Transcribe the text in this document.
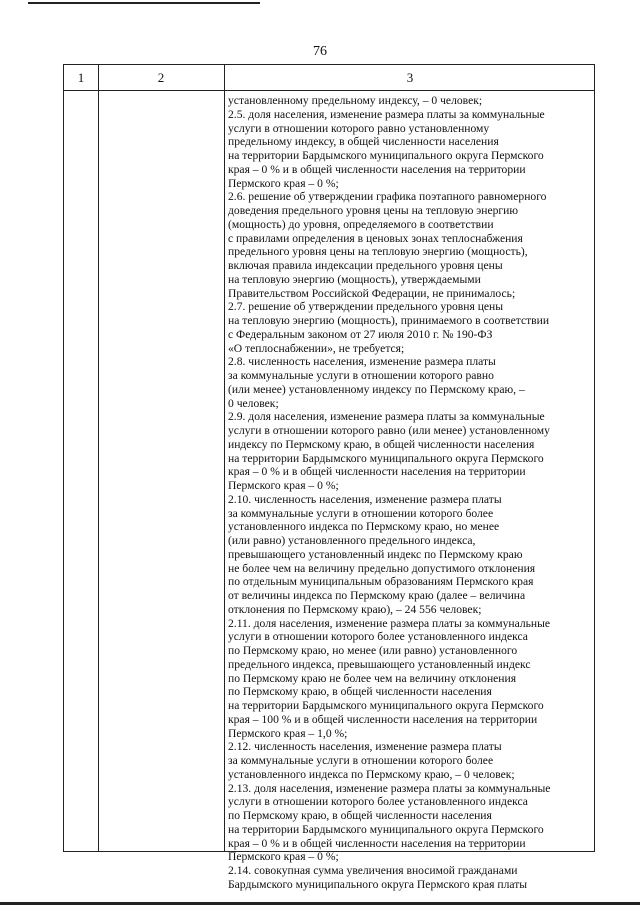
76
1	2	3
установленному предельному индексу, – 0 человек;
2.5. доля населения, изменение размера платы за коммунальные
услуги в отношении которого равно установленному
предельному индексу, в общей численности населения
на территории Бардымского муниципального округа Пермского
края – 0 % и в общей численности населения на территории
Пермского края – 0 %;
2.6. решение об утверждении графика поэтапного равномерного
доведения предельного уровня цены на тепловую энергию
(мощность) до уровня, определяемого в соответствии
с правилами определения в ценовых зонах теплоснабжения
предельного уровня цены на тепловую энергию (мощность),
включая правила индексации предельного уровня цены
на тепловую энергию (мощность), утверждаемыми
Правительством Российской Федерации, не принималось;
2.7. решение об утверждении предельного уровня цены
на тепловую энергию (мощность), принимаемого в соответствии
с Федеральным законом от 27 июля 2010 г. № 190-ФЗ
«О теплоснабжении», не требуется;
2.8. численность населения, изменение размера платы
за коммунальные услуги в отношении которого равно
(или менее) установленному индексу по Пермскому краю, –
0 человек;
2.9. доля населения, изменение размера платы за коммунальные
услуги в отношении которого равно (или менее) установленному
индексу по Пермскому краю, в общей численности населения
на территории Бардымского муниципального округа Пермского
края – 0 % и в общей численности населения на территории
Пермского края – 0 %;
2.10. численность населения, изменение размера платы
за коммунальные услуги в отношении которого более
установленного индекса по Пермскому краю, но менее
(или равно) установленного предельного индекса,
превышающего установленный индекс по Пермскому краю
не более чем на величину предельно допустимого отклонения
по отдельным муниципальным образованиям Пермского края
от величины индекса по Пермскому краю (далее – величина
отклонения по Пермскому краю), – 24 556 человек;
2.11. доля населения, изменение размера платы за коммунальные
услуги в отношении которого более установленного индекса
по Пермскому краю, но менее (или равно) установленного
предельного индекса, превышающего установленный индекс
по Пермскому краю не более чем на величину отклонения
по Пермскому краю, в общей численности населения
на территории Бардымского муниципального округа Пермского
края – 100 % и в общей численности населения на территории
Пермского края – 1,0 %;
2.12. численность населения, изменение размера платы
за коммунальные услуги в отношении которого более
установленного индекса по Пермскому краю, – 0 человек;
2.13. доля населения, изменение размера платы за коммунальные
услуги в отношении которого более установленного индекса
по Пермскому краю, в общей численности населения
на территории Бардымского муниципального округа Пермского
края – 0 % и в общей численности населения на территории
Пермского края – 0 %;
2.14. совокупная сумма увеличения вносимой гражданами
Бардымского муниципального округа Пермского края платы
